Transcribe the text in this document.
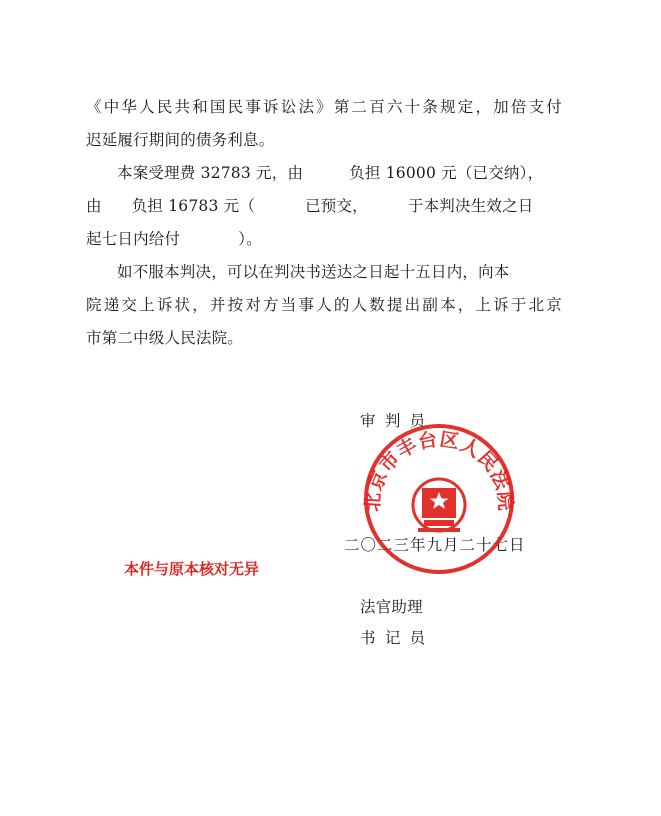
《中华人民共和国民事诉讼法》第二百六十条规定，加倍支付
迟延履行期间的债务利息。
本案受理费 32783 元，由	负担 16000 元（已交纳），
由 负担 16783 元（	已预交，	于本判决生效之日
起七日内给付	）。
如不服本判决，可以在判决书送达之日起十五日内，向本
院递交上诉状，并按对方当事人的人数提出副本，上诉于北京
市第二中级人民法院。
审 判 员
二〇二三年九月二十七日
北京市丰台区人民法院
本件与原本核对无异
法官助理
书 记 员
